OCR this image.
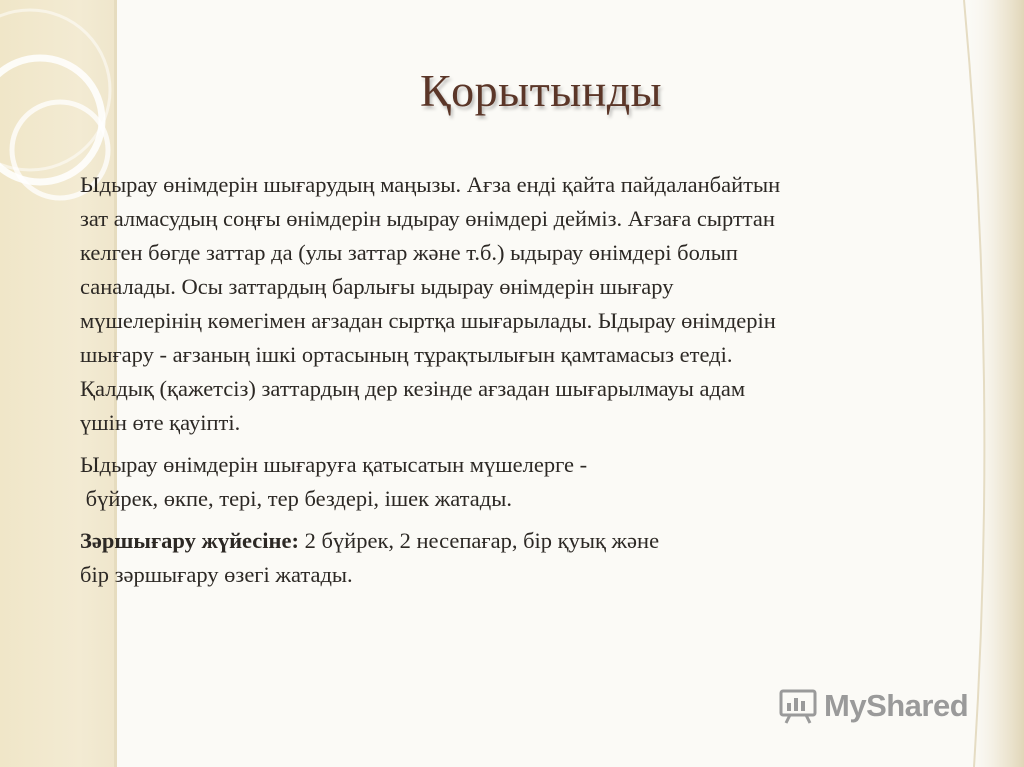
Қорытынды

Ыдырау өнімдерін шығарудың маңызы. Ағза енді қайта пайдаланбайтын
зат алмасудың соңғы өнімдерін ыдырау өнімдері дейміз. Ағзаға сырттан
келген бөгде заттар да (улы заттар және т.б.) ыдырау өнімдері болып
саналады. Осы заттардың барлығы ыдырау өнімдерін шығару
мүшелерінің көмегімен ағзадан сыртқа шығарылады. Ыдырау өнімдерін
шығару - ағзаның ішкі ортасының тұрақтылығын қамтамасыз етеді.
Қалдық (қажетсіз) заттардың дер кезінде ағзадан шығарылмауы адам
үшін өте қауіпті.

Ыдырау өнімдерін шығаруға қатысатын мүшелерге -
бүйрек, өкпе, тері, тер бездері, ішек жатады.

Зәршығару жүйесіне: 2 бүйрек, 2 несепағар, бір қуық және
бір зәршығару өзегі жатады.

MyShared
